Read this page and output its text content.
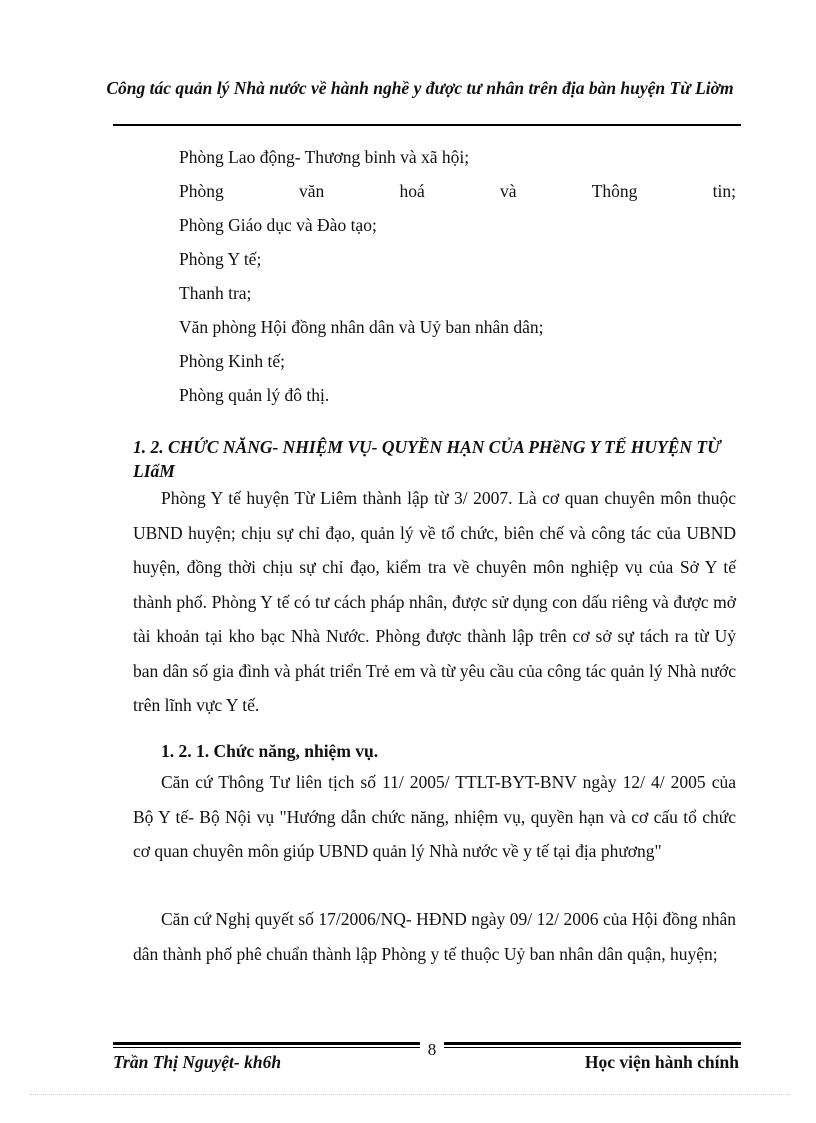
Công tác quản lý Nhà nước về hành nghề y được tư nhân trên địa bàn huyện Từ Liờm
Phòng Lao động- Thương binh và xã hội;
Phòng	văn	hoá	và	Thông	tin;
Phòng Giáo dục và Đào tạo;
Phòng Y tế;
Thanh tra;
Văn phòng Hội đồng nhân dân và Uỷ ban nhân dân;
Phòng Kinh tế;
Phòng quản lý đô thị.
1. 2. CHỨC NĂNG- NHIỆM VỤ- QUYỀN HẠN CỦA PHềNG Y TẾ HUYỆN TỪ LIấM
Phòng Y tế huyện Từ Liêm thành lập từ 3/ 2007. Là cơ quan chuyên môn thuộc UBND huyện; chịu sự chỉ đạo, quản lý về tổ chức, biên chế và công tác của UBND huyện, đồng thời chịu sự chỉ đạo, kiểm tra về chuyên môn nghiệp vụ của Sở Y tế thành phố. Phòng Y tế có tư cách pháp nhân, được sử dụng con dấu riêng và được mở tài khoản tại kho bạc Nhà Nước. Phòng được thành lập trên cơ sở sự tách ra từ Uỷ ban dân số gia đình và phát triển Trẻ em và từ yêu cầu của công tác quản lý Nhà nước trên lĩnh vực Y tế.
1. 2. 1. Chức năng, nhiệm vụ.
Căn cứ Thông Tư liên tịch số 11/ 2005/ TTLT-BYT-BNV ngày 12/ 4/ 2005 của Bộ Y tế- Bộ Nội vụ "Hướng dẫn chức năng, nhiệm vụ, quyền hạn và cơ cấu tổ chức cơ quan chuyên môn giúp UBND quản lý Nhà nước về y tế tại địa phương"
Căn cứ Nghị quyết số 17/2006/NQ- HĐND ngày 09/ 12/ 2006 của Hội đồng nhân dân thành phố phê chuẩn thành lập Phòng y tế thuộc Uỷ ban nhân dân quận, huyện;
8
Trần Thị Nguyệt- kh6h	Học viện hành chính
